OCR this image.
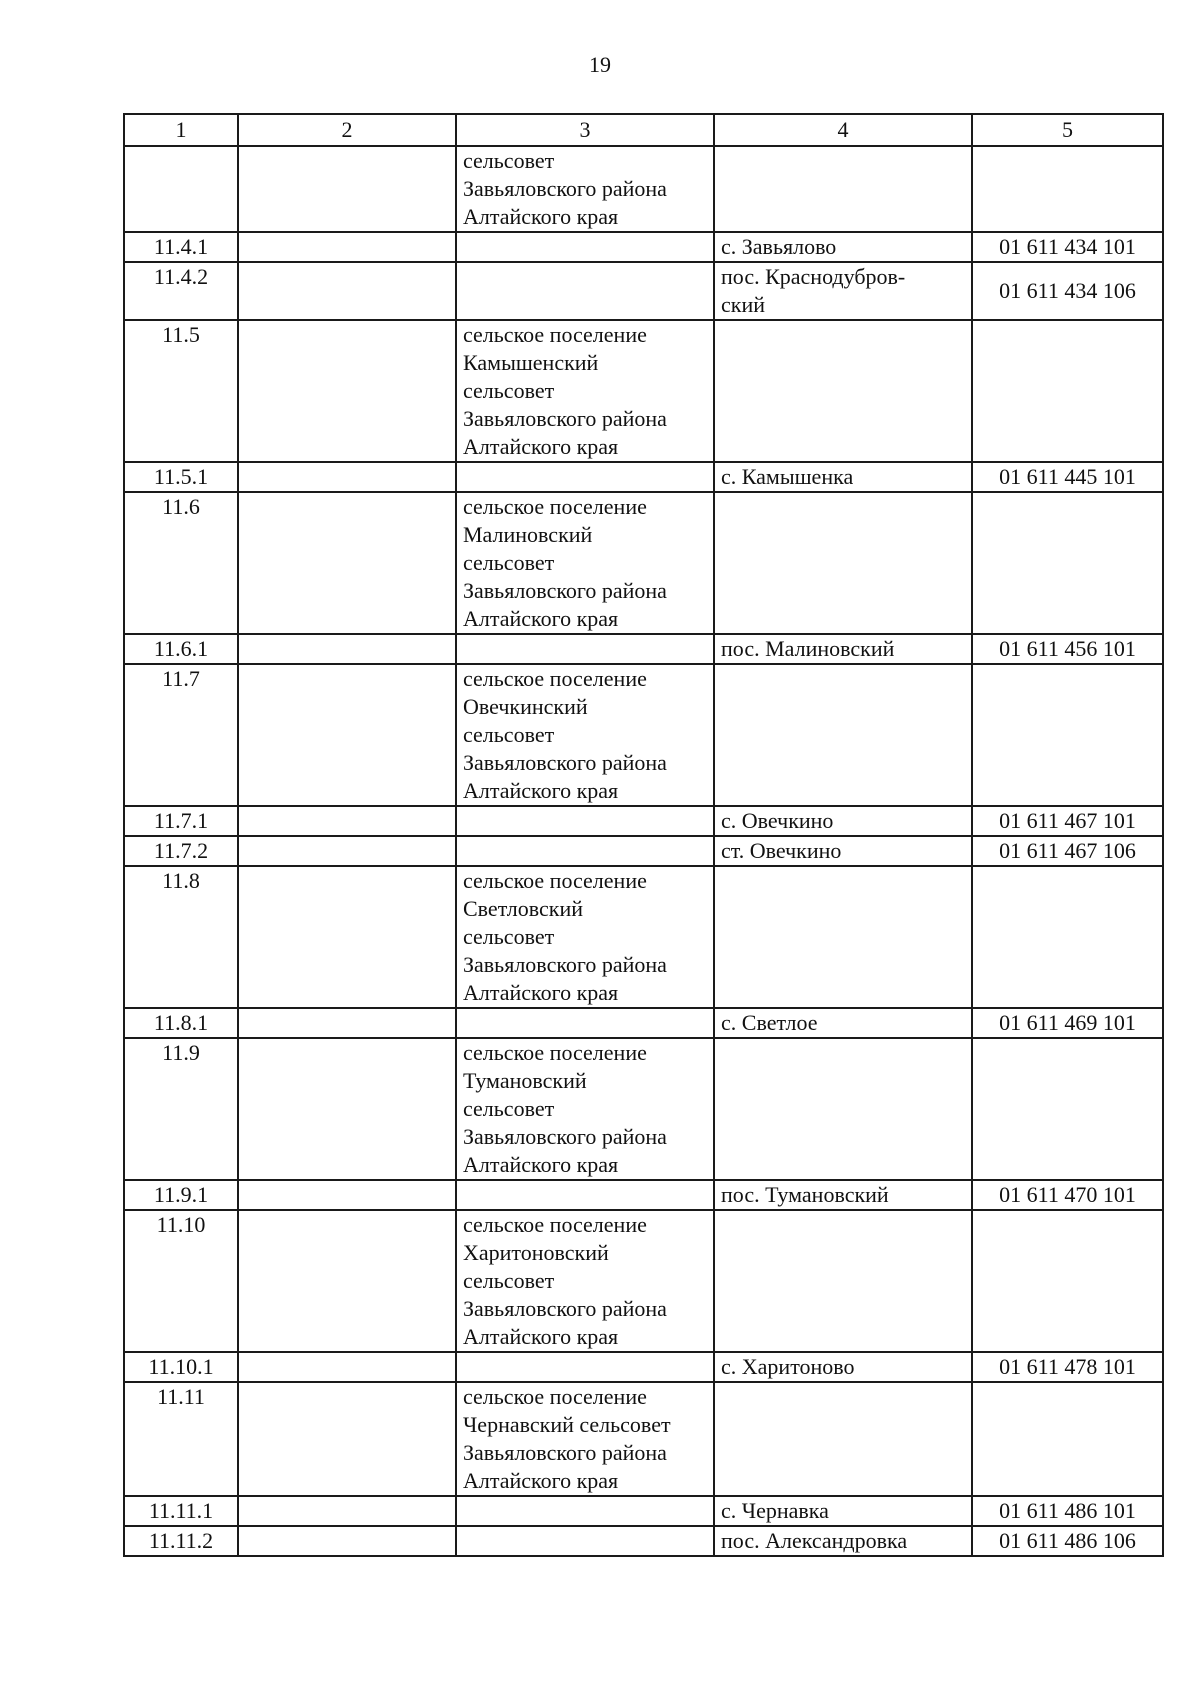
19
1	2	3	4	5
		сельсовет
Завьяловского района
Алтайского края		
11.4.1			с. Завьялово	01 611 434 101
11.4.2			пос. Краснодубров-
ский	01 611 434 106
11.5		сельское поселение
Камышенский
сельсовет
Завьяловского района
Алтайского края		
11.5.1			с. Камышенка	01 611 445 101
11.6		сельское поселение
Малиновский
сельсовет
Завьяловского района
Алтайского края		
11.6.1			пос. Малиновский	01 611 456 101
11.7		сельское поселение
Овечкинский
сельсовет
Завьяловского района
Алтайского края		
11.7.1			с. Овечкино	01 611 467 101
11.7.2			ст. Овечкино	01 611 467 106
11.8		сельское поселение
Светловский
сельсовет
Завьяловского района
Алтайского края		
11.8.1			с. Светлое	01 611 469 101
11.9		сельское поселение
Тумановский
сельсовет
Завьяловского района
Алтайского края		
11.9.1			пос. Тумановский	01 611 470 101
11.10		сельское поселение
Харитоновский
сельсовет
Завьяловского района
Алтайского края		
11.10.1			с. Харитоново	01 611 478 101
11.11		сельское поселение
Чернавский сельсовет
Завьяловского района
Алтайского края		
11.11.1			с. Чернавка	01 611 486 101
11.11.2			пос. Александровка	01 611 486 106
